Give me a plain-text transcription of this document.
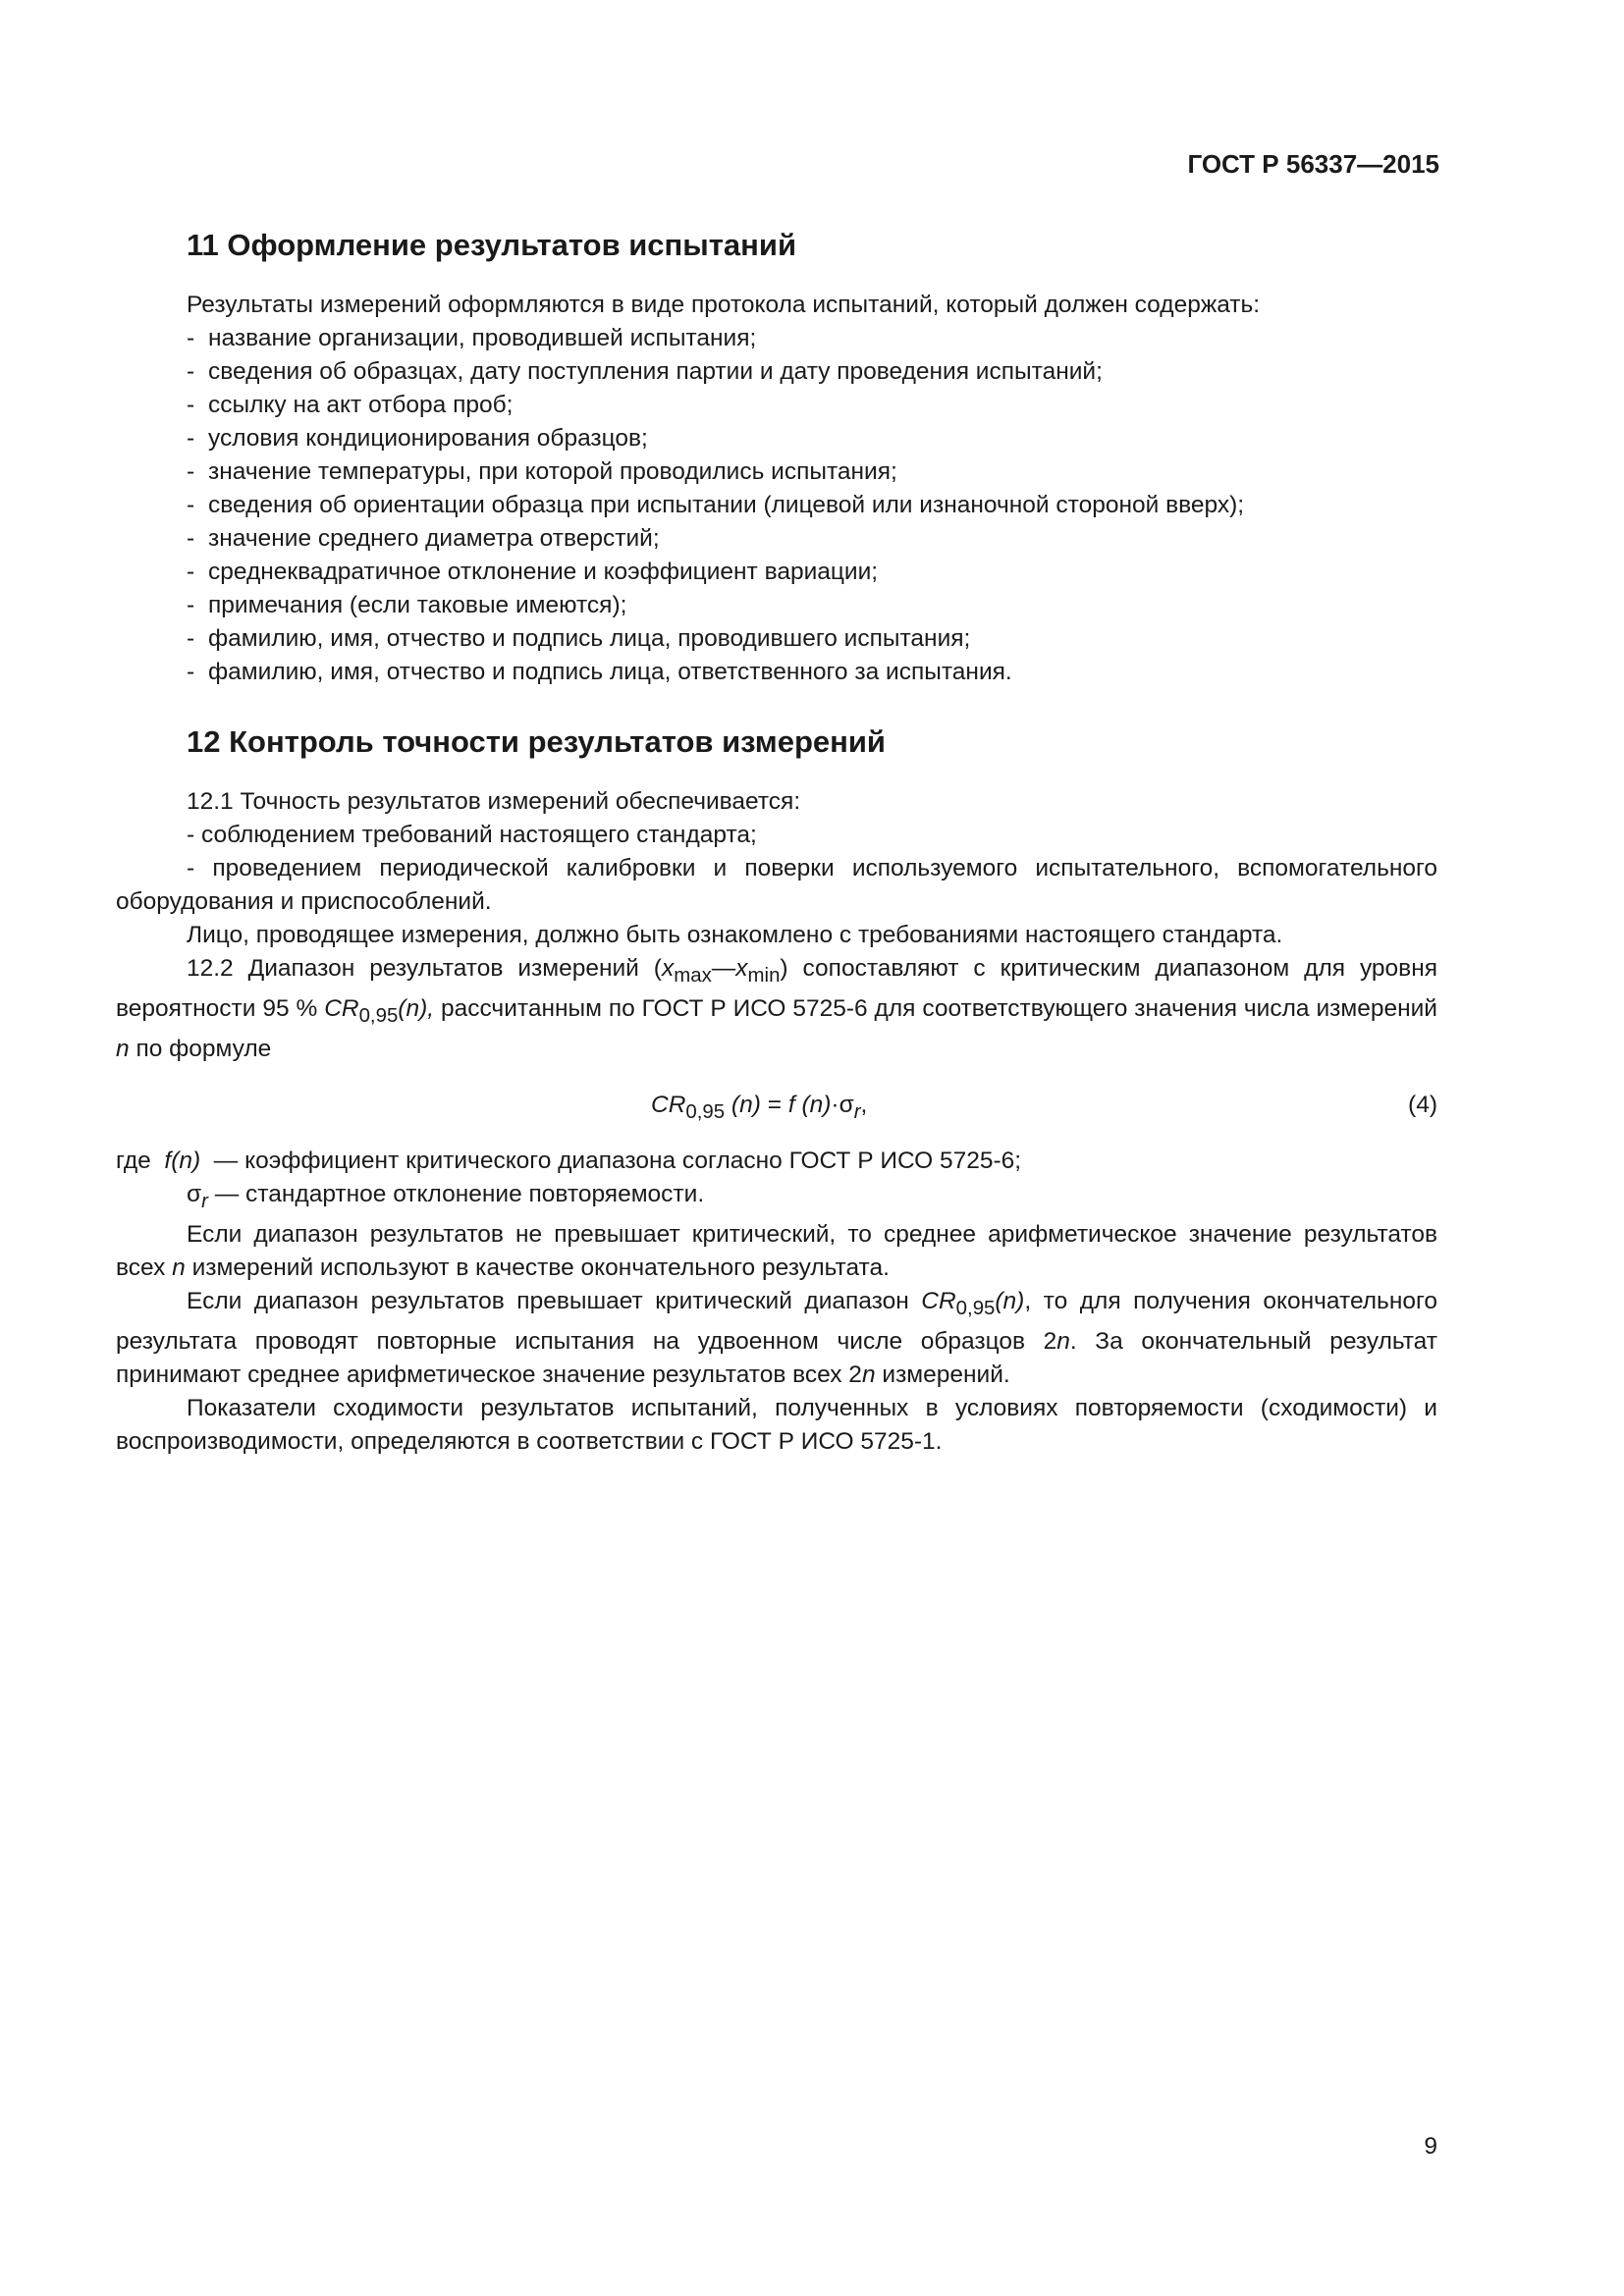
ГОСТ Р 56337—2015
11 Оформление результатов испытаний

Результаты измерений оформляются в виде протокола испытаний, который должен содержать:

- название организации, проводившей испытания;
- сведения об образцах, дату поступления партии и дату проведения испытаний;
- ссылку на акт отбора проб;
- условия кондиционирования образцов;
- значение температуры, при которой проводились испытания;
- сведения об ориентации образца при испытании (лицевой или изнаночной стороной вверх);
- значение среднего диаметра отверстий;
- среднеквадратичное отклонение и коэффициент вариации;
- примечания (если таковые имеются);
- фамилию, имя, отчество и подпись лица, проводившего испытания;
- фамилию, имя, отчество и подпись лица, ответственного за испытания.
12 Контроль точности результатов измерений

12.1 Точность результатов измерений обеспечивается:

- соблюдением требований настоящего стандарта;

- проведением периодической калибровки и поверки используемого испытательного, вспомогательного оборудования и приспособлений.

Лицо, проводящее измерения, должно быть ознакомлено с требованиями настоящего стандарта.

12.2 Диапазон результатов измерений $(x_{max}—x_{min})$ сопоставляют с критическим диапазоном для уровня вероятности 95 % $CR_{0,95}(n)$, рассчитанным по ГОСТ Р ИСО 5725-6 для соответствующего значения числа измерений n по формуле

$CR_{0,95}$ (n) = f $(n)\cdot\sigma_r$,	(4)

где f(n) — коэффициент критического диапазона согласно ГОСТ Р ИСО 5725-6;

$\sigma_r$ — стандартное отклонение повторяемости.

Если диапазон результатов не превышает критический, то среднее арифметическое значение результатов всех n измерений используют в качестве окончательного результата.

Если диапазон результатов превышает критический диапазон $CR_{0,95}(n)$, то для получения окончательного результата проводят повторные испытания на удвоенном числе образцов 2n. За окончательный результат принимают среднее арифметическое значение результатов всех 2n измерений.

Показатели сходимости результатов испытаний, полученных в условиях повторяемости (сходимости) и воспроизводимости, определяются в соответствии с ГОСТ Р ИСО 5725-1.

9
